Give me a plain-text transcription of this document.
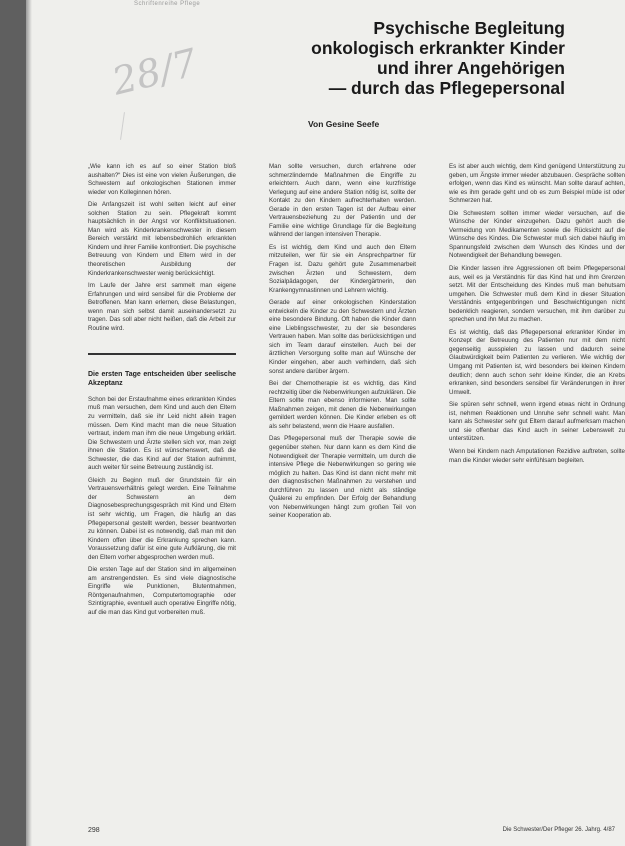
Schriftenreihe Pflege
28/7
Psychische Begleitung
onkologisch erkrankter Kinder
und ihrer Angehörigen
— durch das Pflegepersonal
Von Gesine Seefe

„Wie kann ich es auf so einer Station bloß aushalten?“ Dies ist eine von vielen Äußerungen, die Schwestern auf onkologischen Stationen immer wieder von Kolleginnen hören.

Die Anfangszeit ist wohl selten leicht auf einer solchen Station zu sein. Pflegekraft kommt hauptsächlich in der Angst vor Konfliktsituationen. Man wird als Kinderkrankenschwester in diesem Bereich verstärkt mit lebensbedrohlich erkrankten Kindern und ihrer Familie konfrontiert. Die psychische Betreuung von Kindern und Eltern wird in der theoretischen Ausbildung der Kinderkrankenschwester wenig berücksichtigt.

Im Laufe der Jahre erst sammelt man eigene Erfahrungen und wird sensibel für die Probleme der Betroffenen. Man kann erlernen, diese Belastungen, wenn man sich selbst damit auseinandersetzt zu tragen. Das soll aber nicht heißen, daß die Arbeit zur Routine wird.

Die ersten Tage entscheiden über seelische Akzeptanz

Schon bei der Erstaufnahme eines erkrankten Kindes muß man versuchen, dem Kind und auch den Eltern zu vermitteln, daß sie ihr Leid nicht allein tragen müssen. Dem Kind macht man die neue Situation vertraut, indem man ihm die neue Umgebung erklärt. Die Schwestern und Ärzte stellen sich vor, man zeigt ihnen die Station. Es ist wünschenswert, daß die Schwester, die das Kind auf der Station aufnimmt, auch weiter für seine Betreuung zuständig ist.

Gleich zu Beginn muß der Grundstein für ein Vertrauensverhältnis gelegt werden. Eine Teilnahme der Schwestern an dem Diagnosebesprechungsgespräch mit Kind und Eltern ist sehr wichtig, um Fragen, die häufig an das Pflegepersonal gestellt werden, besser beantworten zu können. Dabei ist es notwendig, daß man mit den Kindern offen über die Erkrankung sprechen kann. Voraussetzung dafür ist eine gute Aufklärung, die mit den Eltern vorher abgesprochen werden muß.

Die ersten Tage auf der Station sind im allgemeinen am anstrengendsten. Es sind viele diagnostische Eingriffe wie Punktionen, Blutentnahmen, Röntgenaufnahmen, Computertomographie oder Szintigraphie, eventuell auch operative Eingriffe nötig, auf die man das Kind gut vorbereiten muß.

Man sollte versuchen, durch erfahrene oder schmerzlindernde Maßnahmen die Eingriffe zu erleichtern. Auch dann, wenn eine kurzfristige Verlegung auf eine andere Station nötig ist, sollte der Kontakt zu den Kindern aufrechterhalten werden. Gerade in den ersten Tagen ist der Aufbau einer Vertrauensbeziehung zu der Patientin und der Familie eine wichtige Grundlage für die Begleitung während der langen intensiven Therapie.

Es ist wichtig, dem Kind und auch den Eltern mitzuteilen, wer für sie ein Ansprechpartner für Fragen ist. Dazu gehört gute Zusammenarbeit zwischen Ärzten und Schwestern, dem Sozialpädagogen, der Kindergärtnerin, den Krankengymnastinnen und Lehrern wichtig.

Gerade auf einer onkologischen Kinderstation entwickeln die Kinder zu den Schwestern und Ärzten eine besondere Bindung. Oft haben die Kinder dann eine Lieblingsschwester, zu der sie besonderes Vertrauen haben. Man sollte das berücksichtigen und sich im Team darauf einstellen. Auch bei der ärztlichen Versorgung sollte man auf Wünsche der Kinder eingehen, aber auch verhindern, daß sich sonst andere darüber ärgern.

Bei der Chemotherapie ist es wichtig, das Kind rechtzeitig über die Nebenwirkungen aufzuklären. Die Eltern sollte man ebenso informieren. Man sollte Maßnahmen zeigen, mit denen die Nebenwirkungen gemildert werden können. Die Kinder erleben es oft als sehr belastend, wenn die Haare ausfallen.

Das Pflegepersonal muß der Therapie sowie die gegenüber stehen. Nur dann kann es dem Kind die Notwendigkeit der Therapie vermitteln, um durch die intensive Pflege die Nebenwirkungen so gering wie möglich zu halten. Das Kind ist dann nicht mehr mit den diagnostischen Maßnahmen zu verstehen und durchführen zu lassen und nicht als ständige Quälerei zu empfinden. Der Erfolg der Behandlung von Nebenwirkungen hängt zum großen Teil von seiner Kooperation ab.

Es ist aber auch wichtig, dem Kind genügend Unterstützung zu geben, um Ängste immer wieder abzubauen. Gespräche sollten erfolgen, wenn das Kind es wünscht. Man sollte darauf achten, wie es ihm gerade geht und ob es zum Beispiel müde ist oder Schmerzen hat.

Die Schwestern sollten immer wieder versuchen, auf die Wünsche der Kinder einzugehen. Dazu gehört auch die Vermeidung von Medikamenten sowie die Rücksicht auf die Wünsche des Kindes. Die Schwester muß sich dabei häufig im Spannungsfeld zwischen dem Wunsch des Kindes und der Notwendigkeit der Behandlung bewegen.

Die Kinder lassen ihre Aggressionen oft beim Pflegepersonal aus, weil es ja Verständnis für das Kind hat und ihm Grenzen setzt. Mit der Entscheidung des Kindes muß man behutsam umgehen. Die Schwester muß dem Kind in dieser Situation Verständnis entgegenbringen und Beschwichtigungen nicht bedenklich reagieren, sondern versuchen, mit ihm darüber zu sprechen und ihn Mut zu machen.

Es ist wichtig, daß das Pflegepersonal erkrankter Kinder im Konzept der Betreuung des Patienten nur mit dem nicht gegenseitig ausspielen zu lassen und dadurch seine Glaubwürdigkeit beim Patienten zu verlieren. Wie wichtig der Umgang mit Patienten ist, wird besonders bei kleinen Kindern deutlich; denn auch schon sehr kleine Kinder, die an Krebs erkranken, sind besonders sensibel für Veränderungen in ihrer Umwelt.

Sie spüren sehr schnell, wenn irgend etwas nicht in Ordnung ist, nehmen Reaktionen und Unruhe sehr schnell wahr. Man kann als Schwester sehr gut Eltern darauf aufmerksam machen und sie offenbar das Kind auch in seiner Lebenswelt zu unterstützen.

Wenn bei Kindern nach Amputationen Rezidive auftreten, sollte man die Kinder wieder sehr einfühlsam begleiten.

298	Die Schwester/Der Pfleger 26. Jahrg. 4/87
